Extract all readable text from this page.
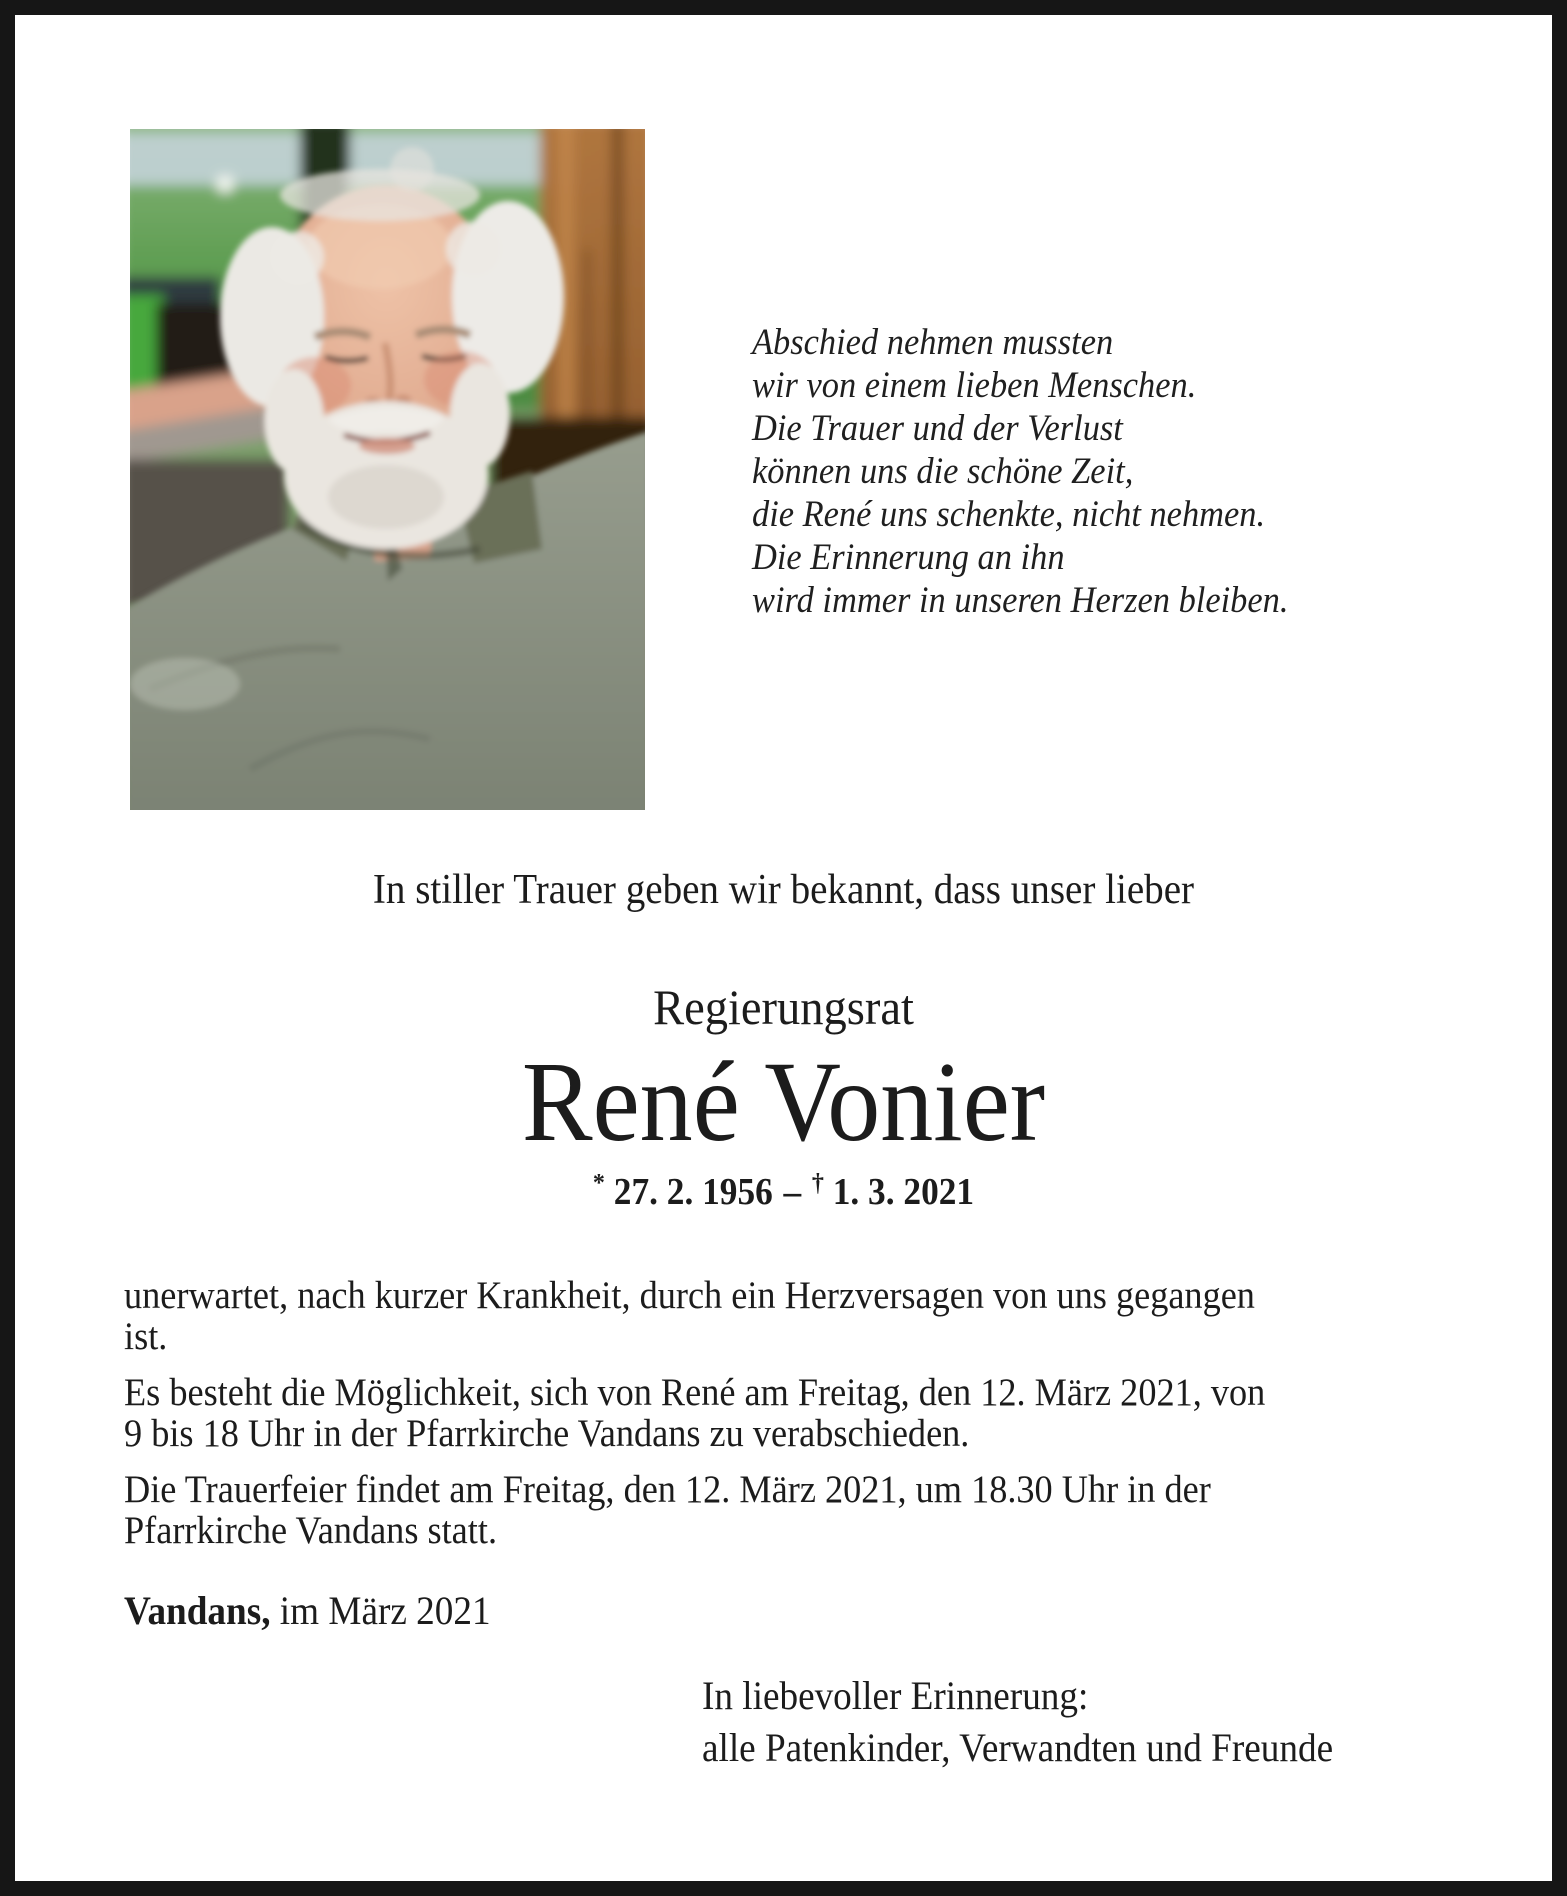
Abschied nehmen mussten
wir von einem lieben Menschen.
Die Trauer und der Verlust
können uns die schöne Zeit,
die René uns schenkte, nicht nehmen.
Die Erinnerung an ihn
wird immer in unseren Herzen bleiben.
In stiller Trauer geben wir bekannt, dass unser lieber
Regierungsrat
René Vonier
* 27. 2. 1956 – † 1. 3. 2021
unerwartet, nach kurzer Krankheit, durch ein Herzversagen von uns gegangen
ist.
Es besteht die Möglichkeit, sich von René am Freitag, den 12. März 2021, von
9 bis 18 Uhr in der Pfarrkirche Vandans zu verabschieden.
Die Trauerfeier findet am Freitag, den 12. März 2021, um 18.30 Uhr in der
Pfarrkirche Vandans statt.
Vandans, im März 2021
In liebevoller Erinnerung:
alle Patenkinder, Verwandten und Freunde
